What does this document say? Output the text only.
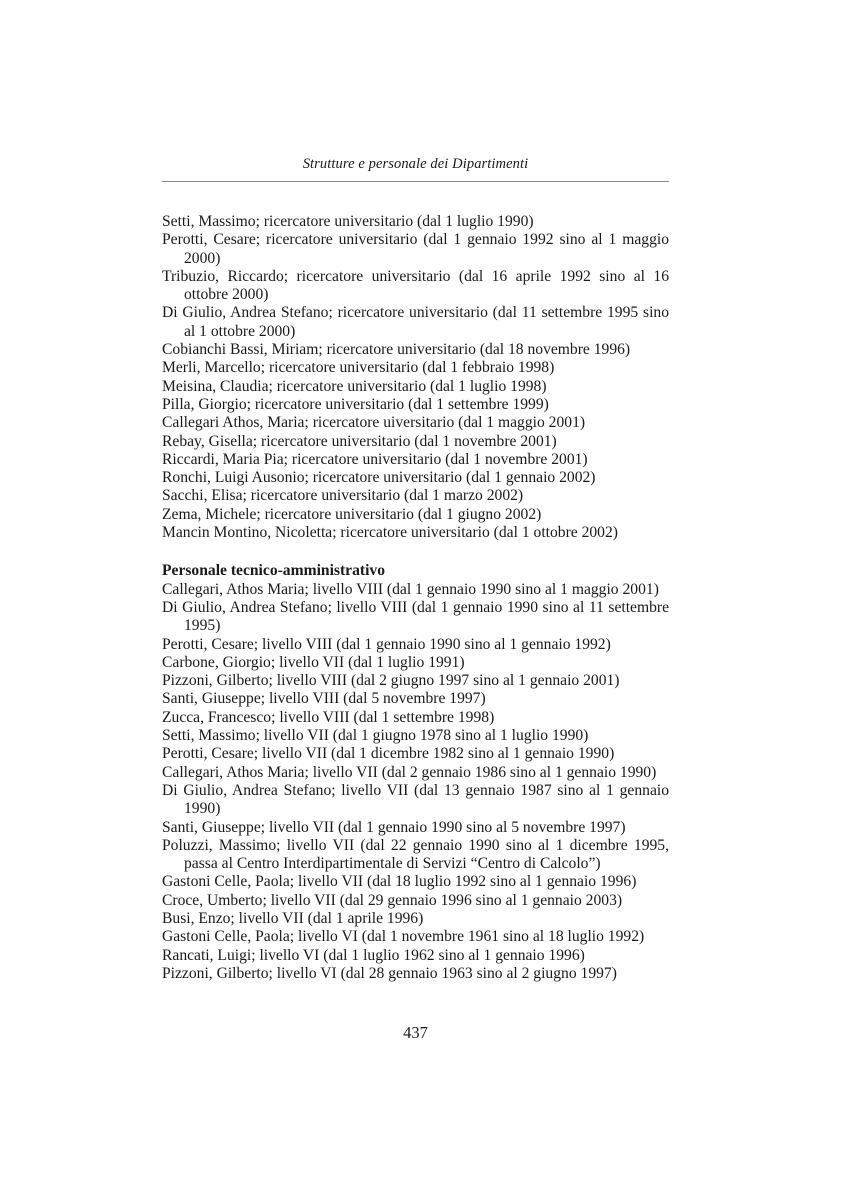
Strutture e personale dei Dipartimenti

Setti, Massimo; ricercatore universitario (dal 1 luglio 1990)

Perotti, Cesare; ricercatore universitario (dal 1 gennaio 1992 sino al 1 maggio 2000)

Tribuzio, Riccardo; ricercatore universitario (dal 16 aprile 1992 sino al 16 ottobre 2000)

Di Giulio, Andrea Stefano; ricercatore universitario (dal 11 settembre 1995 sino al 1 ottobre 2000)

Cobianchi Bassi, Miriam; ricercatore universitario (dal 18 novembre 1996)

Merli, Marcello; ricercatore universitario (dal 1 febbraio 1998)

Meisina, Claudia; ricercatore universitario (dal 1 luglio 1998)

Pilla, Giorgio; ricercatore universitario (dal 1 settembre 1999)

Callegari Athos, Maria; ricercatore uiversitario (dal 1 maggio 2001)

Rebay, Gisella; ricercatore universitario (dal 1 novembre 2001)

Riccardi, Maria Pia; ricercatore universitario (dal 1 novembre 2001)

Ronchi, Luigi Ausonio; ricercatore universitario (dal 1 gennaio 2002)

Sacchi, Elisa; ricercatore universitario (dal 1 marzo 2002)

Zema, Michele; ricercatore universitario (dal 1 giugno 2002)

Mancin Montino, Nicoletta; ricercatore universitario (dal 1 ottobre 2002)

Personale tecnico-amministrativo

Callegari, Athos Maria; livello VIII (dal 1 gennaio 1990 sino al 1 maggio 2001)

Di Giulio, Andrea Stefano; livello VIII (dal 1 gennaio 1990 sino al 11 settembre 1995)

Perotti, Cesare; livello VIII (dal 1 gennaio 1990 sino al 1 gennaio 1992)

Carbone, Giorgio; livello VII (dal 1 luglio 1991)

Pizzoni, Gilberto; livello VIII (dal 2 giugno 1997 sino al 1 gennaio 2001)

Santi, Giuseppe; livello VIII (dal 5 novembre 1997)

Zucca, Francesco; livello VIII (dal 1 settembre 1998)

Setti, Massimo; livello VII (dal 1 giugno 1978 sino al 1 luglio 1990)

Perotti, Cesare; livello VII (dal 1 dicembre 1982 sino al 1 gennaio 1990)

Callegari, Athos Maria; livello VII (dal 2 gennaio 1986 sino al 1 gennaio 1990)

Di Giulio, Andrea Stefano; livello VII (dal 13 gennaio 1987 sino al 1 gennaio 1990)

Santi, Giuseppe; livello VII (dal 1 gennaio 1990 sino al 5 novembre 1997)

Poluzzi, Massimo; livello VII (dal 22 gennaio 1990 sino al 1 dicembre 1995, passa al Centro Interdipartimentale di Servizi “Centro di Calcolo”)

Gastoni Celle, Paola; livello VII (dal 18 luglio 1992 sino al 1 gennaio 1996)

Croce, Umberto; livello VII (dal 29 gennaio 1996 sino al 1 gennaio 2003)

Busi, Enzo; livello VII (dal 1 aprile 1996)

Gastoni Celle, Paola; livello VI (dal 1 novembre 1961 sino al 18 luglio 1992)

Rancati, Luigi; livello VI (dal 1 luglio 1962 sino al 1 gennaio 1996)

Pizzoni, Gilberto; livello VI (dal 28 gennaio 1963 sino al 2 giugno 1997)

437
